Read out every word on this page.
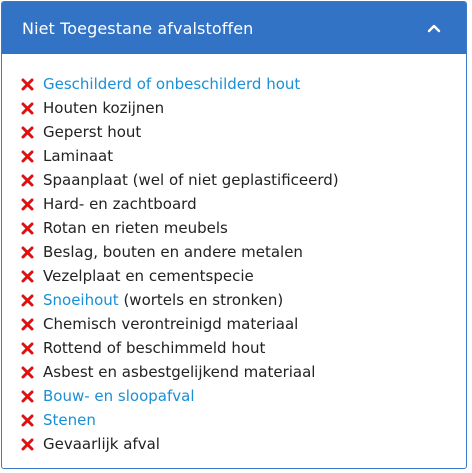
Niet Toegestane afvalstoffen
Geschilderd of onbeschilderd hout
Houten kozijnen
Geperst hout
Laminaat
Spaanplaat (wel of niet geplastificeerd)
Hard- en zachtboard
Rotan en rieten meubels
Beslag, bouten en andere metalen
Vezelplaat en cementspecie
Snoeihout (wortels en stronken)
Chemisch verontreinigd materiaal
Rottend of beschimmeld hout
Asbest en asbestgelijkend materiaal
Bouw- en sloopafval
Stenen
Gevaarlijk afval
